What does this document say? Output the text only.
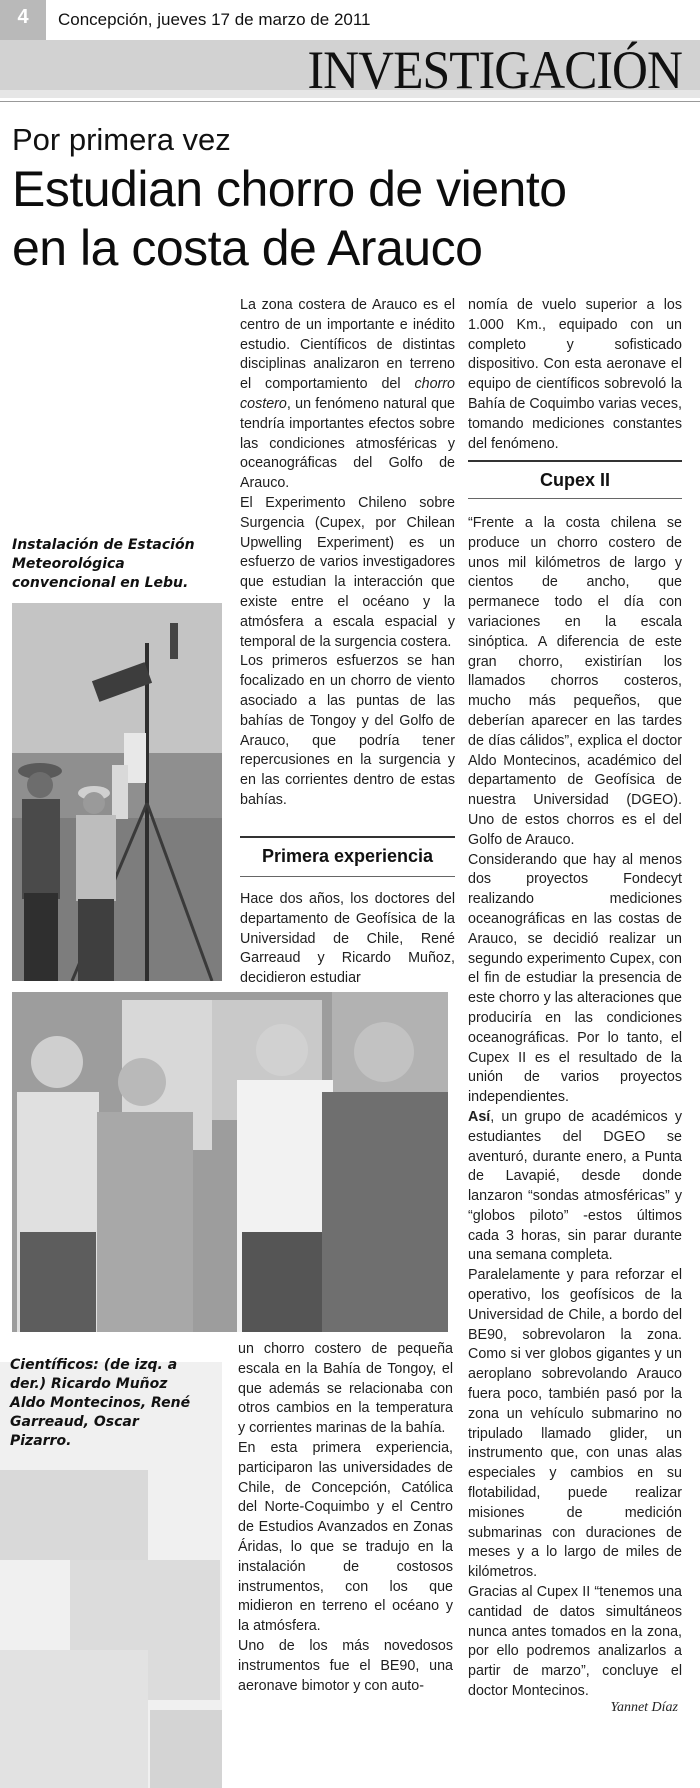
4	Concepción, jueves 17 de marzo de 2011
INVESTIGACIÓN
Por primera vez
Estudian chorro de viento
en la costa de Arauco
Instalación de Estación Meteorológica convencional en Lebu.
Científicos: (de izq. a der.) Ricardo Muñoz Aldo Montecinos, René Garreaud, Oscar Pizarro.

La zona costera de Arauco es el centro de un importante e inédito estudio. Científicos de distintas disciplinas analizaron en terreno el comportamiento del chorro costero, un fenómeno natural que tendría importantes efectos sobre las condiciones atmosféricas y oceanográficas del Golfo de Arauco.

El Experimento Chileno sobre Surgencia (Cupex, por Chilean Upwelling Experiment) es un esfuerzo de varios investigadores que estudian la interacción que existe entre el océano y la atmósfera a escala espacial y temporal de la surgencia costera.

Los primeros esfuerzos se han focalizado en un chorro de viento asociado a las puntas de las bahías de Tongoy y del Golfo de Arauco, que podría tener repercusiones en la surgencia y en las corrientes dentro de estas bahías.

Primera experiencia

Hace dos años, los doctores del departamento de Geofísica de la Universidad de Chile, René Garreaud y Ricardo Muñoz, decidieron estudiar

un chorro costero de pequeña escala en la Bahía de Tongoy, el que además se relacionaba con otros cambios en la temperatura y corrientes marinas de la bahía.

En esta primera experiencia, participaron las universidades de Chile, de Concepción, Católica del Norte-Coquimbo y el Centro de Estudios Avanzados en Zonas Áridas, lo que se tradujo en la instalación de costosos instrumentos, con los que midieron en terreno el océano y la atmósfera.

Uno de los más novedosos instrumentos fue el BE90, una aeronave bimotor y con auto-

nomía de vuelo superior a los 1.000 Km., equipado con un completo y sofisticado dispositivo. Con esta aeronave el equipo de científicos sobrevoló la Bahía de Coquimbo varias veces, tomando mediciones constantes del fenómeno.

Cupex II

“Frente a la costa chilena se produce un chorro costero de unos mil kilómetros de largo y cientos de ancho, que permanece todo el día con variaciones en la escala sinóptica. A diferencia de este gran chorro, existirían los llamados chorros costeros, mucho más pequeños, que deberían aparecer en las tardes de días cálidos”, explica el doctor Aldo Montecinos, académico del departamento de Geofísica de nuestra Universidad (DGEO). Uno de estos chorros es el del Golfo de Arauco.

Considerando que hay al menos dos proyectos Fondecyt realizando mediciones oceanográficas en las costas de Arauco, se decidió realizar un segundo experimento Cupex, con el fin de estudiar la presencia de este chorro y las alteraciones que produciría en las condiciones oceanográficas. Por lo tanto, el Cupex II es el resultado de la unión de varios proyectos independientes.

Así, un grupo de académicos y estudiantes del DGEO se aventuró, durante enero, a Punta de Lavapié, desde donde lanzaron “sondas atmosféricas” y “globos piloto” -estos últimos cada 3 horas, sin parar durante una semana completa.

Paralelamente y para reforzar el operativo, los geofísicos de la Universidad de Chile, a bordo del BE90, sobrevolaron la zona. Como si ver globos gigantes y un aeroplano sobrevolando Arauco fuera poco, también pasó por la zona un vehículo submarino no tripulado llamado glider, un instrumento que, con unas alas especiales y cambios en su flotabilidad, puede realizar misiones de medición submarinas con duraciones de meses y a lo largo de miles de kilómetros.

Gracias al Cupex II “tenemos una cantidad de datos simultáneos nunca antes tomados en la zona, por ello podremos analizarlos a partir de marzo”, concluye el doctor Montecinos.

Yannet Díaz
